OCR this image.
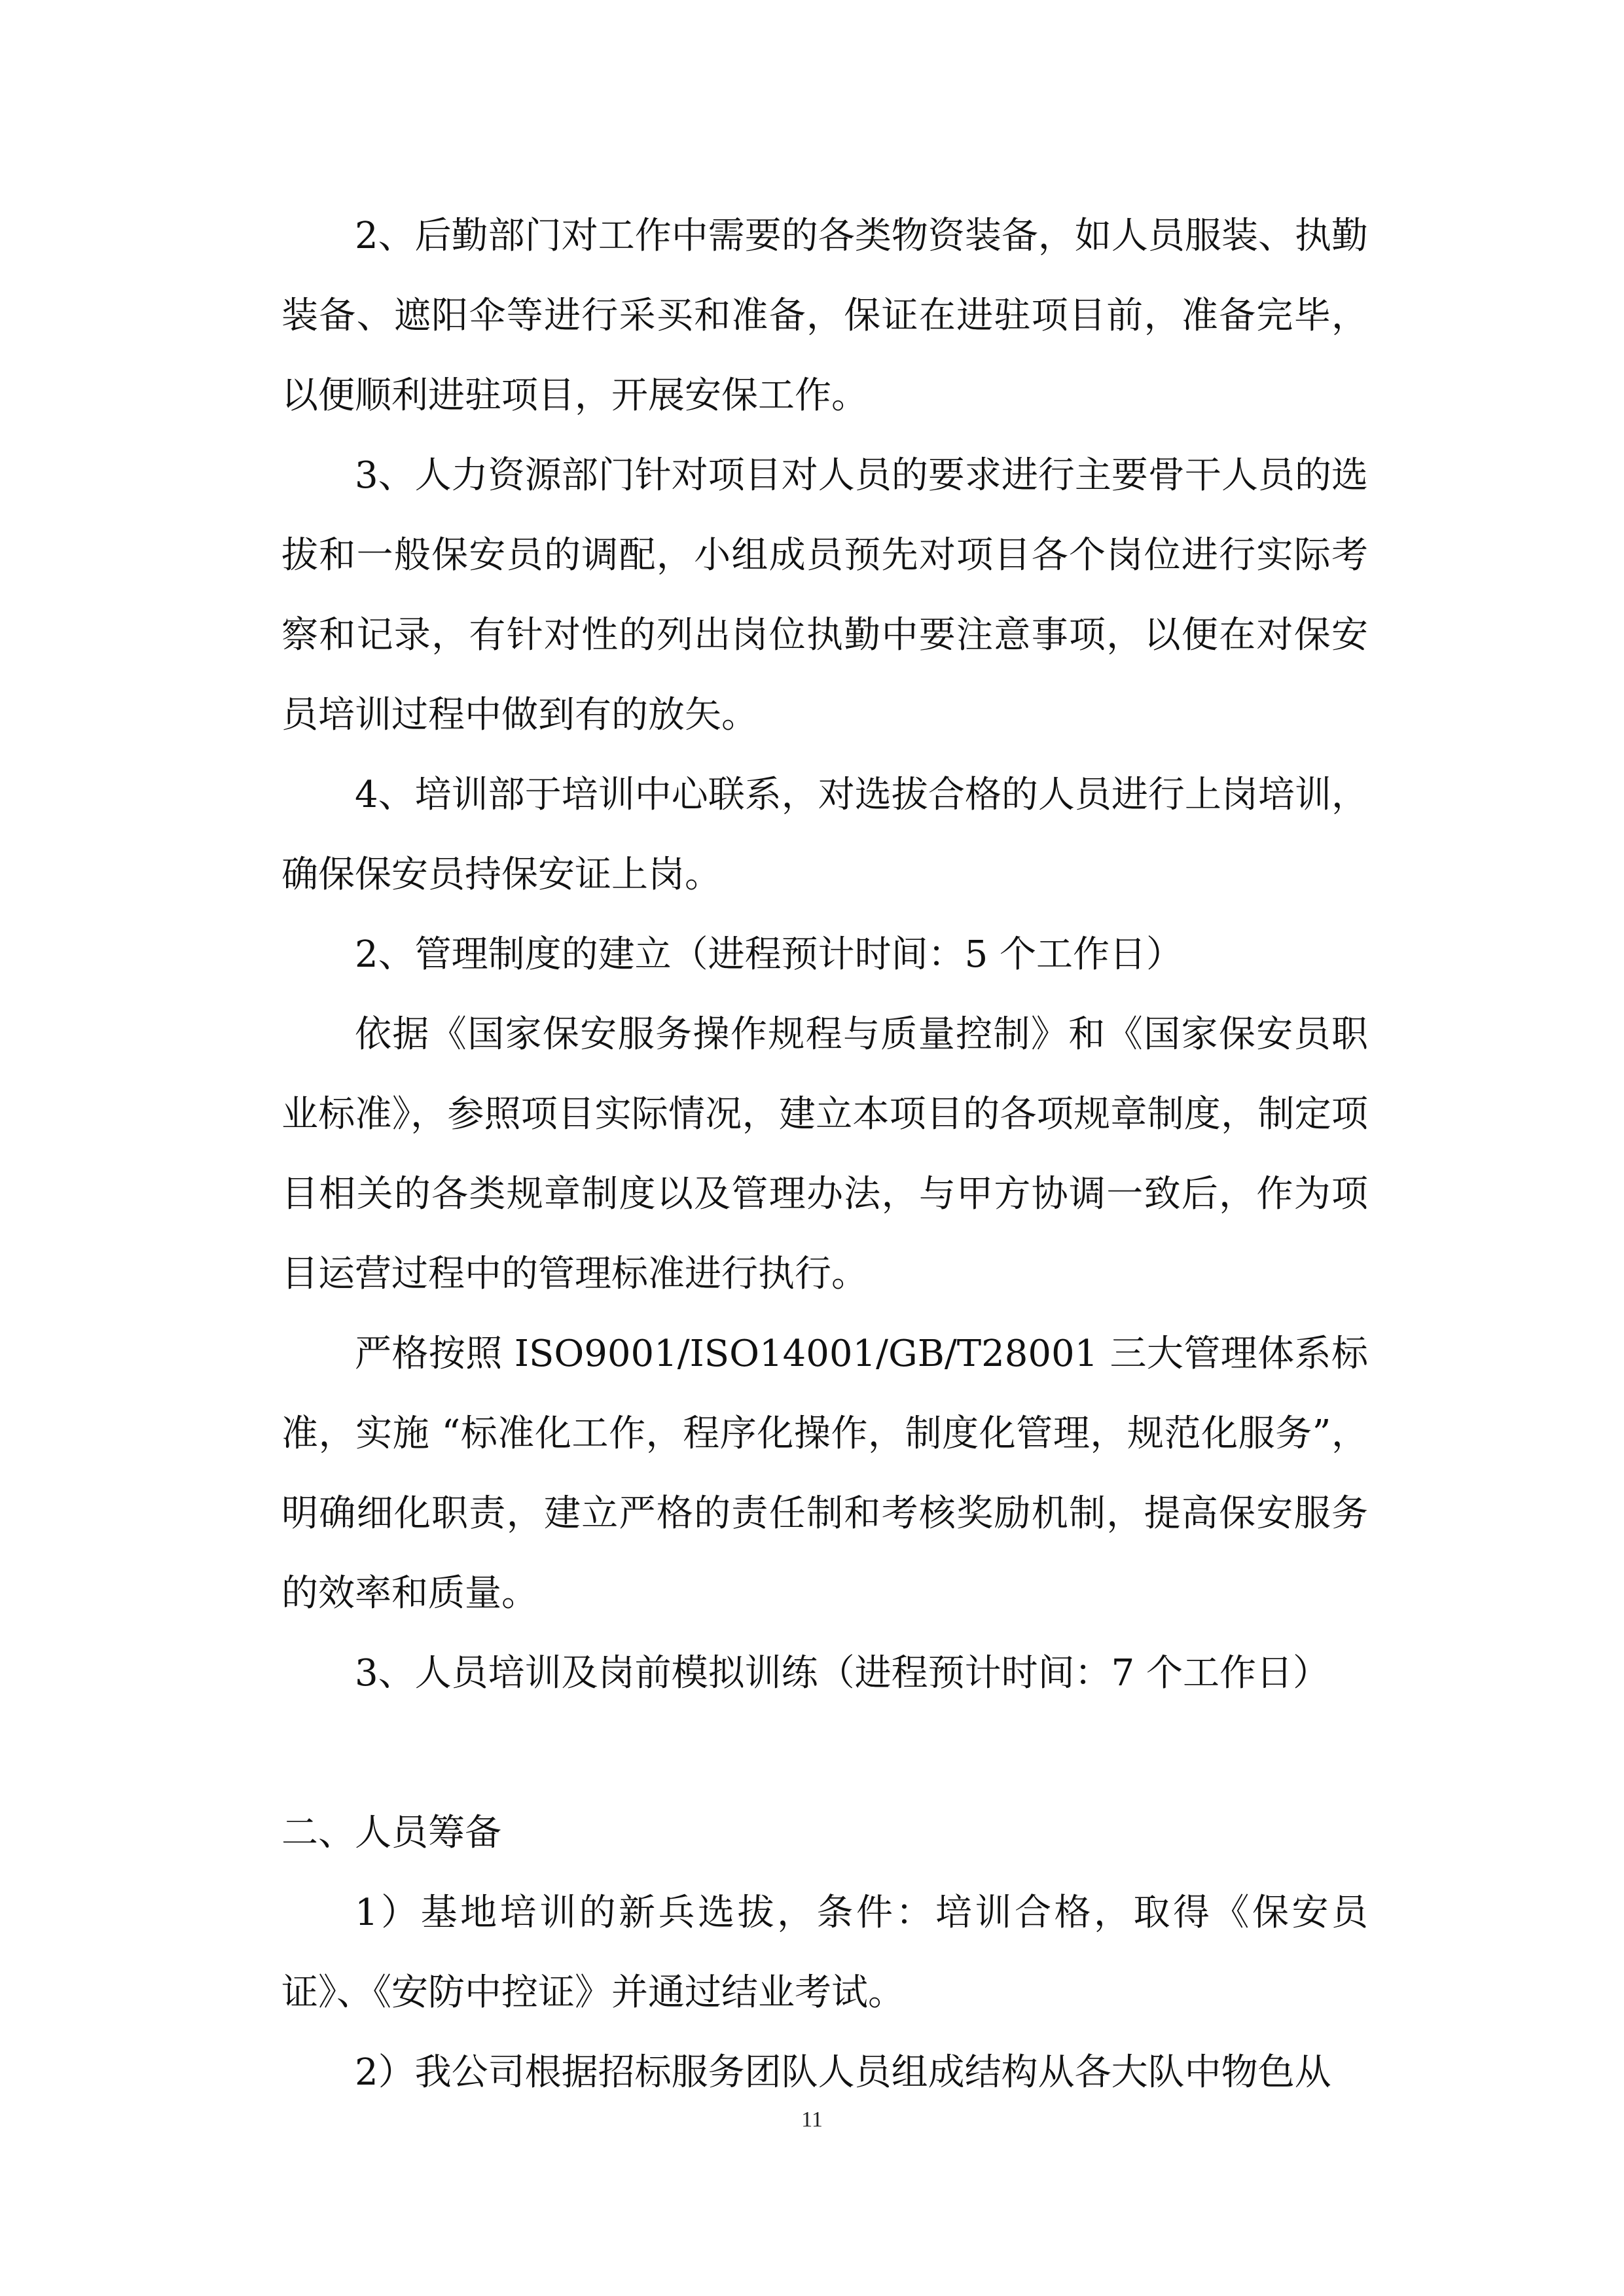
2、后勤部门对工作中需要的各类物资装备，如人员服装、执勤装备、遮阳伞等进行采买和准备，保证在进驻项目前，准备完毕，以便顺利进驻项目，开展安保工作。

3、人力资源部门针对项目对人员的要求进行主要骨干人员的选拔和一般保安员的调配，小组成员预先对项目各个岗位进行实际考察和记录，有针对性的列出岗位执勤中要注意事项，以便在对保安员培训过程中做到有的放矢。

4、培训部于培训中心联系，对选拔合格的人员进行上岗培训，确保保安员持保安证上岗。

2、管理制度的建立（进程预计时间：5 个工作日）

依据《国家保安服务操作规程与质量控制》和《国家保安员职业标准》，参照项目实际情况，建立本项目的各项规章制度，制定项目相关的各类规章制度以及管理办法，与甲方协调一致后，作为项目运营过程中的管理标准进行执行。

严格按照 ISO9001/ISO14001/GB/T28001 三大管理体系标准，实施 “标准化工作，程序化操作，制度化管理，规范化服务”，明确细化职责，建立严格的责任制和考核奖励机制，提高保安服务的效率和质量。

3、人员培训及岗前模拟训练（进程预计时间：7 个工作日）

二、人员筹备

1）基地培训的新兵选拔，条件：培训合格，取得《保安员证》、《安防中控证》并通过结业考试。

2）我公司根据招标服务团队人员组成结构从各大队中物色从

11
